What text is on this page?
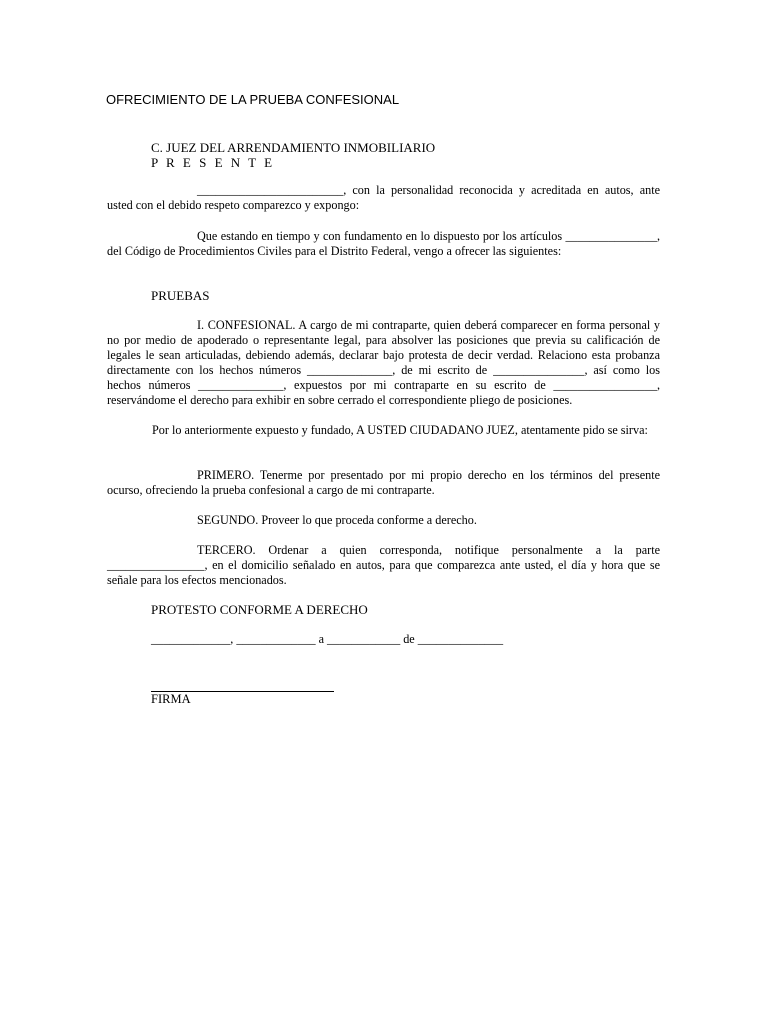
OFRECIMIENTO DE LA PRUEBA CONFESIONAL
C. JUEZ DEL ARRENDAMIENTO INMOBILIARIO
P R E S E N T E
________________________, con la personalidad reconocida y acreditada en autos, ante usted con el debido respeto comparezco y expongo:
Que estando en tiempo y con fundamento en lo dispuesto por los artículos _______________, del Código de Procedimientos Civiles para el Distrito Federal, vengo a ofrecer las siguientes:
PRUEBAS
I. CONFESIONAL. A cargo de mi contraparte, quien deberá comparecer en forma personal y no por medio de apoderado o representante legal, para absolver las posiciones que previa su calificación de legales le sean articuladas, debiendo además, declarar bajo protesta de decir verdad. Relaciono esta probanza directamente con los hechos números ______________, de mi escrito de _______________, así como los hechos números ______________, expuestos por mi contraparte en su escrito de _________________, reservándome el derecho para exhibir en sobre cerrado el correspondiente pliego de posiciones.
Por lo anteriormente expuesto y fundado, A USTED CIUDADANO JUEZ, atentamente pido se sirva:
PRIMERO. Tenerme por presentado por mi propio derecho en los términos del presente ocurso, ofreciendo la prueba confesional a cargo de mi contraparte.
SEGUNDO. Proveer lo que proceda conforme a derecho.
TERCERO. Ordenar a quien corresponda, notifique personalmente a la parte ________________, en el domicilio señalado en autos, para que comparezca ante usted, el día y hora que se señale para los efectos mencionados.
PROTESTO CONFORME A DERECHO
_____________, _____________ a ____________ de ______________
FIRMA
